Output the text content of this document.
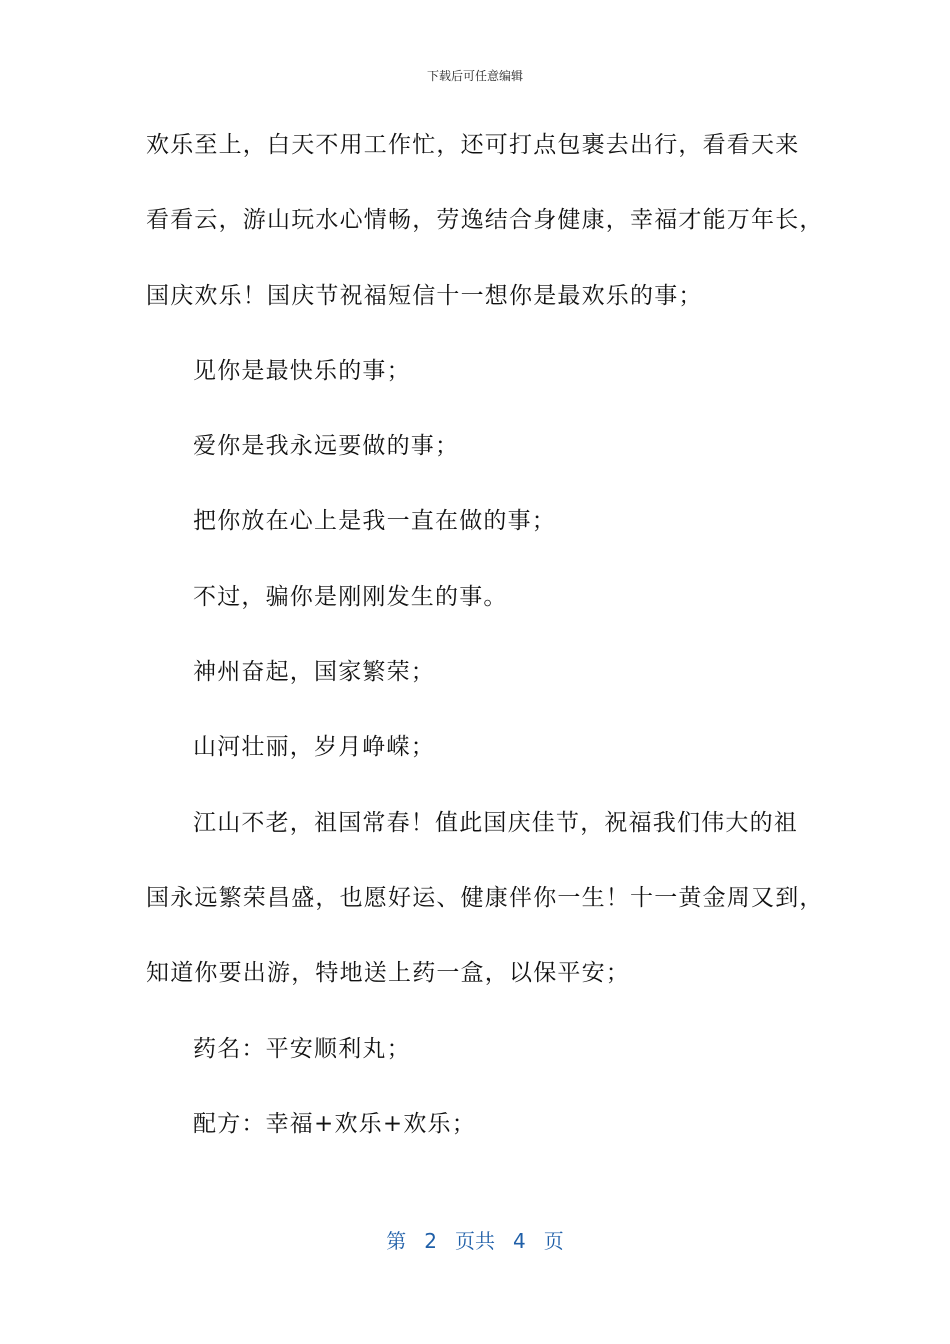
下载后可任意编辑
欢乐至上，白天不用工作忙，还可打点包裹去出行，看看天来
看看云，游山玩水心情畅，劳逸结合身健康，幸福才能万年长，
国庆欢乐！国庆节祝福短信十一想你是最欢乐的事；
见你是最快乐的事；
爱你是我永远要做的事；
把你放在心上是我一直在做的事；
不过，骗你是刚刚发生的事。
神州奋起，国家繁荣；
山河壮丽，岁月峥嵘；
江山不老，祖国常春！值此国庆佳节，祝福我们伟大的祖
国永远繁荣昌盛，也愿好运、健康伴你一生！十一黄金周又到，
知道你要出游，特地送上药一盒，以保平安；
药名：平安顺利丸；
配方：幸福+欢乐+欢乐；
第 2 页共 4 页
